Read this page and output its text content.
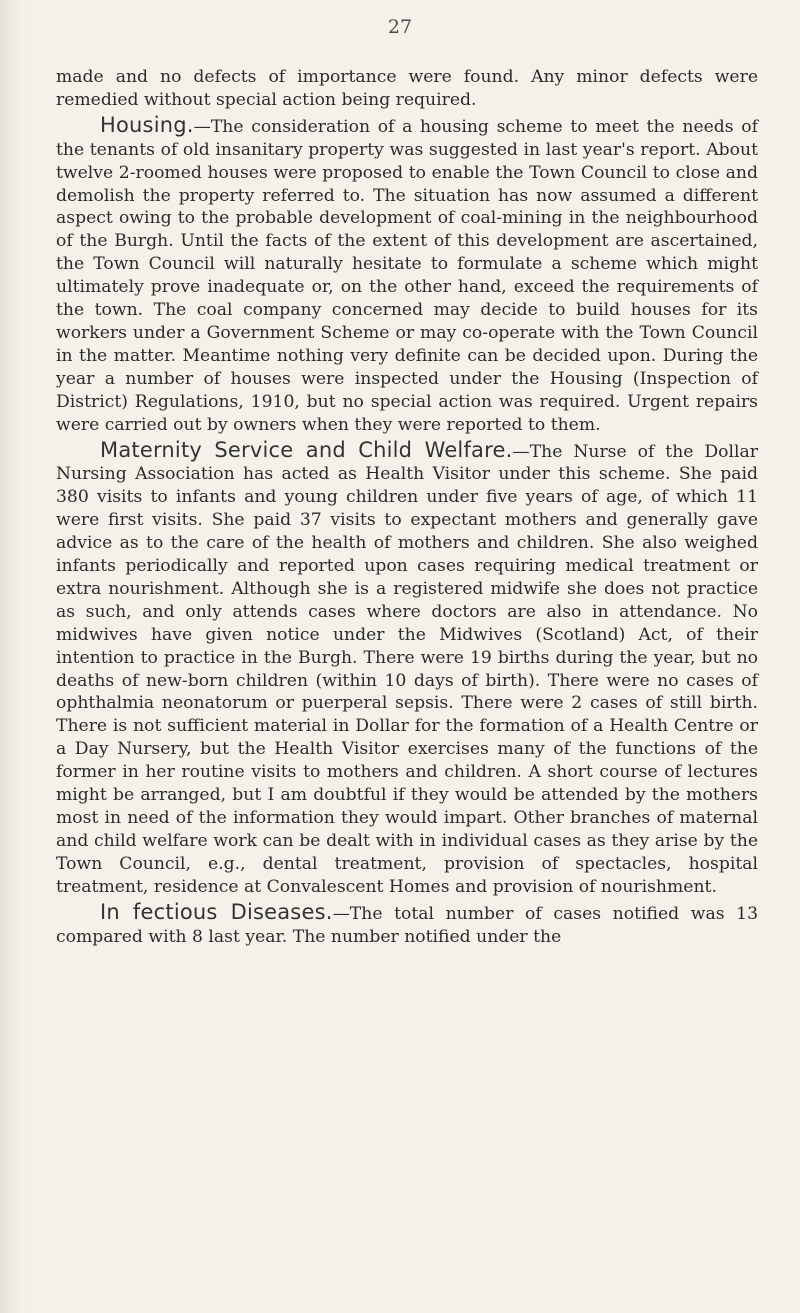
27

made and no defects of importance were found. Any minor defects were remedied without special action being required.

Housing.—The consideration of a housing scheme to meet the needs of the tenants of old insanitary property was suggested in last year's report. About twelve 2-roomed houses were proposed to enable the Town Council to close and demolish the property referred to. The situation has now assumed a different aspect owing to the probable development of coal-mining in the neighbourhood of the Burgh. Until the facts of the extent of this development are ascertained, the Town Council will naturally hesitate to formulate a scheme which might ultimately prove inadequate or, on the other hand, exceed the requirements of the town. The coal company concerned may decide to build houses for its workers under a Government Scheme or may co-operate with the Town Council in the matter. Meantime nothing very definite can be decided upon. During the year a number of houses were inspected under the Housing (Inspection of District) Regulations, 1910, but no special action was required. Urgent repairs were carried out by owners when they were reported to them.

Maternity Service and Child Welfare.—The Nurse of the Dollar Nursing Association has acted as Health Visitor under this scheme. She paid 380 visits to infants and young children under five years of age, of which 11 were first visits. She paid 37 visits to expectant mothers and generally gave advice as to the care of the health of mothers and children. She also weighed infants periodically and reported upon cases requiring medical treatment or extra nourishment. Although she is a registered midwife she does not practice as such, and only attends cases where doctors are also in attendance. No midwives have given notice under the Midwives (Scotland) Act, of their intention to practice in the Burgh. There were 19 births during the year, but no deaths of new-born children (within 10 days of birth). There were no cases of ophthalmia neonatorum or puerperal sepsis. There were 2 cases of still birth. There is not sufficient material in Dollar for the formation of a Health Centre or a Day Nursery, but the Health Visitor exercises many of the functions of the former in her routine visits to mothers and children. A short course of lectures might be arranged, but I am doubtful if they would be attended by the mothers most in need of the information they would impart. Other branches of maternal and child welfare work can be dealt with in individual cases as they arise by the Town Council, e.g., dental treatment, provision of spectacles, hospital treatment, residence at Convalescent Homes and provision of nourishment.

In fectious Diseases.—The total number of cases notified was 13 compared with 8 last year. The number notified under the
